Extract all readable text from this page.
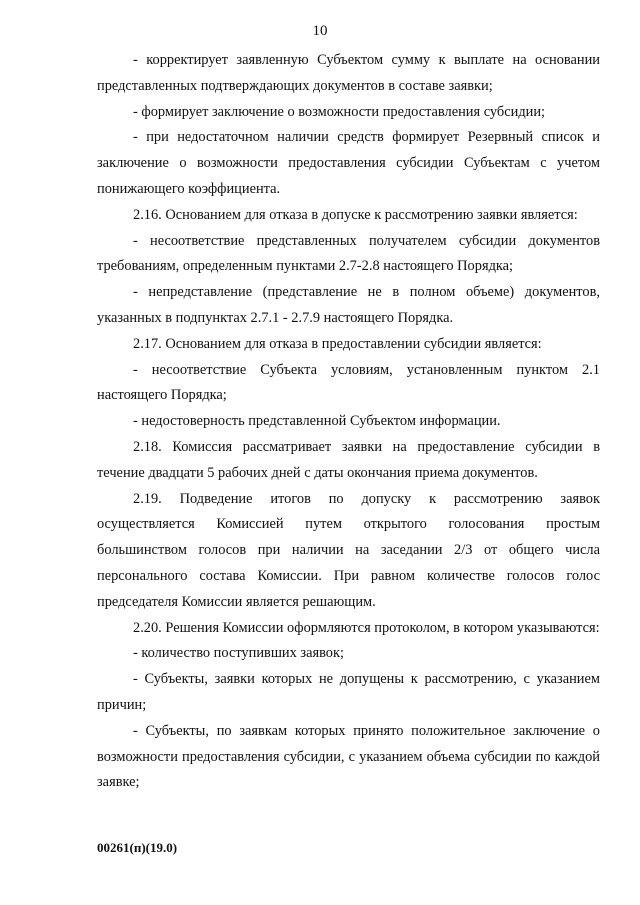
10

- корректирует заявленную Субъектом сумму к выплате на основании представленных подтверждающих документов в составе заявки;

- формирует заключение о возможности предоставления субсидии;

- при недостаточном наличии средств формирует Резервный список и заключение о возможности предоставления субсидии Субъектам с учетом понижающего коэффициента.

2.16. Основанием для отказа в допуске к рассмотрению заявки является:

- несоответствие представленных получателем субсидии документов требованиям, определенным пунктами 2.7-2.8 настоящего Порядка;

- непредставление (представление не в полном объеме) документов, указанных в подпунктах 2.7.1 - 2.7.9 настоящего Порядка.

2.17. Основанием для отказа в предоставлении субсидии является:

- несоответствие Субъекта условиям, установленным пунктом 2.1 настоящего Порядка;

- недостоверность представленной Субъектом информации.

2.18. Комиссия рассматривает заявки на предоставление субсидии в течение двадцати 5 рабочих дней с даты окончания приема документов.

2.19. Подведение итогов по допуску к рассмотрению заявок осуществляется Комиссией путем открытого голосования простым большинством голосов при наличии на заседании 2/3 от общего числа персонального состава Комиссии. При равном количестве голосов голос председателя Комиссии является решающим.

2.20. Решения Комиссии оформляются протоколом, в котором указываются:

- количество поступивших заявок;

- Субъекты, заявки которых не допущены к рассмотрению, с указанием причин;

- Субъекты, по заявкам которых принято положительное заключение о возможности предоставления субсидии, с указанием объема субсидии по каждой заявке;

00261(п)(19.0)
